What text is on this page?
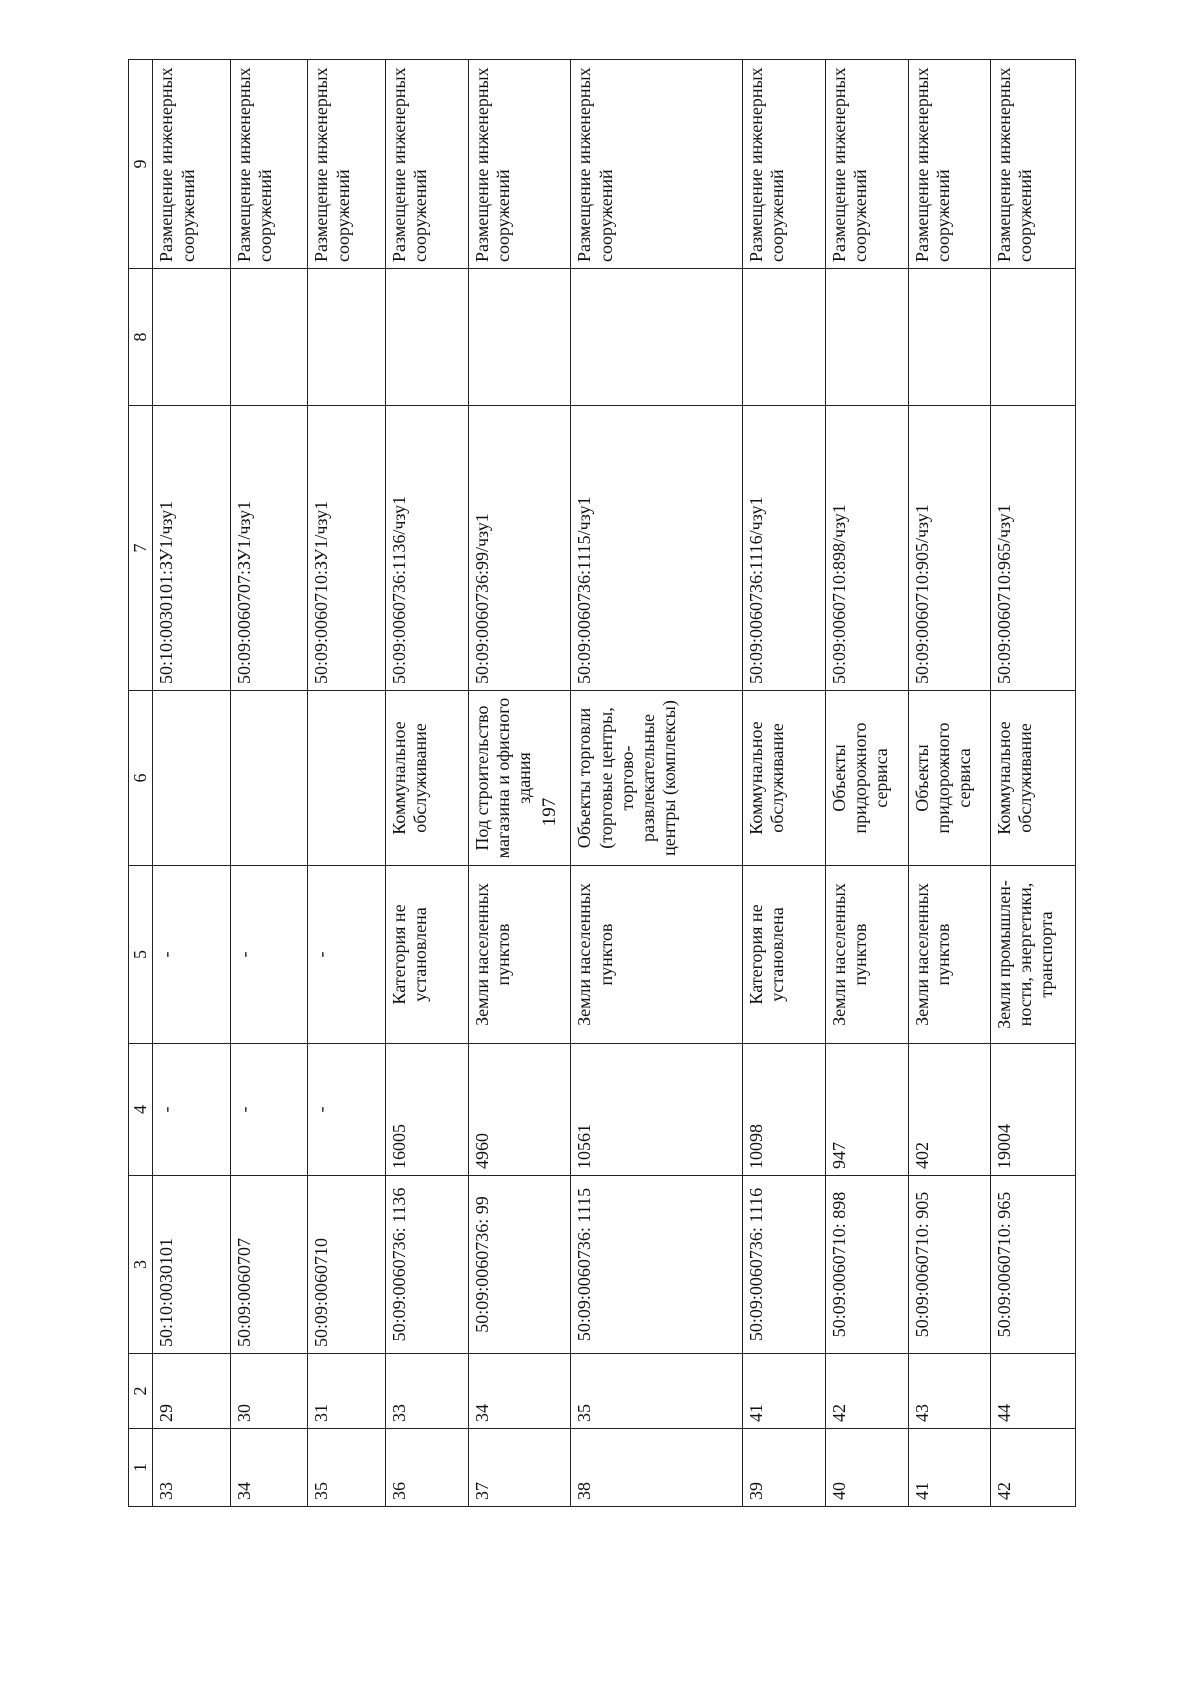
197
1	2	3	4	5	6	7	8	9
33	29	50:10:0030101	-	-		50:10:0030101:ЗУ1/чзу1		Размещение инженерных сооружений
34	30	50:09:0060707	-	-		50:09:0060707:ЗУ1/чзу1		Размещение инженерных сооружений
35	31	50:09:0060710	-	-		50:09:0060710:ЗУ1/чзу1		Размещение инженерных сооружений
36	33	50:09:0060736: 1136	16005	Категория не установлена	Коммунальное обслуживание	50:09:0060736:1136/чзу1		Размещение инженерных сооружений
37	34	50:09:0060736: 99	4960	Земли населенных пунктов	Под строительство магазина и офисного здания	50:09:0060736:99/чзу1		Размещение инженерных сооружений
38	35	50:09:0060736: 1115	10561	Земли населенных пунктов	Объекты торговли (торговые центры, торгово-развлекательные центры (комплексы)	50:09:0060736:1115/чзу1		Размещение инженерных сооружений
39	41	50:09:0060736: 1116	10098	Категория не установлена	Коммунальное обслуживание	50:09:0060736:1116/чзу1		Размещение инженерных сооружений
40	42	50:09:0060710: 898	947	Земли населенных пунктов	Объекты придорожного сервиса	50:09:0060710:898/чзу1		Размещение инженерных сооружений
41	43	50:09:0060710: 905	402	Земли населенных пунктов	Объекты придорожного сервиса	50:09:0060710:905/чзу1		Размещение инженерных сооружений
42	44	50:09:0060710: 965	19004	Земли промышлен-ности, энергетики, транспорта	Коммунальное обслуживание	50:09:0060710:965/чзу1		Размещение инженерных сооружений
